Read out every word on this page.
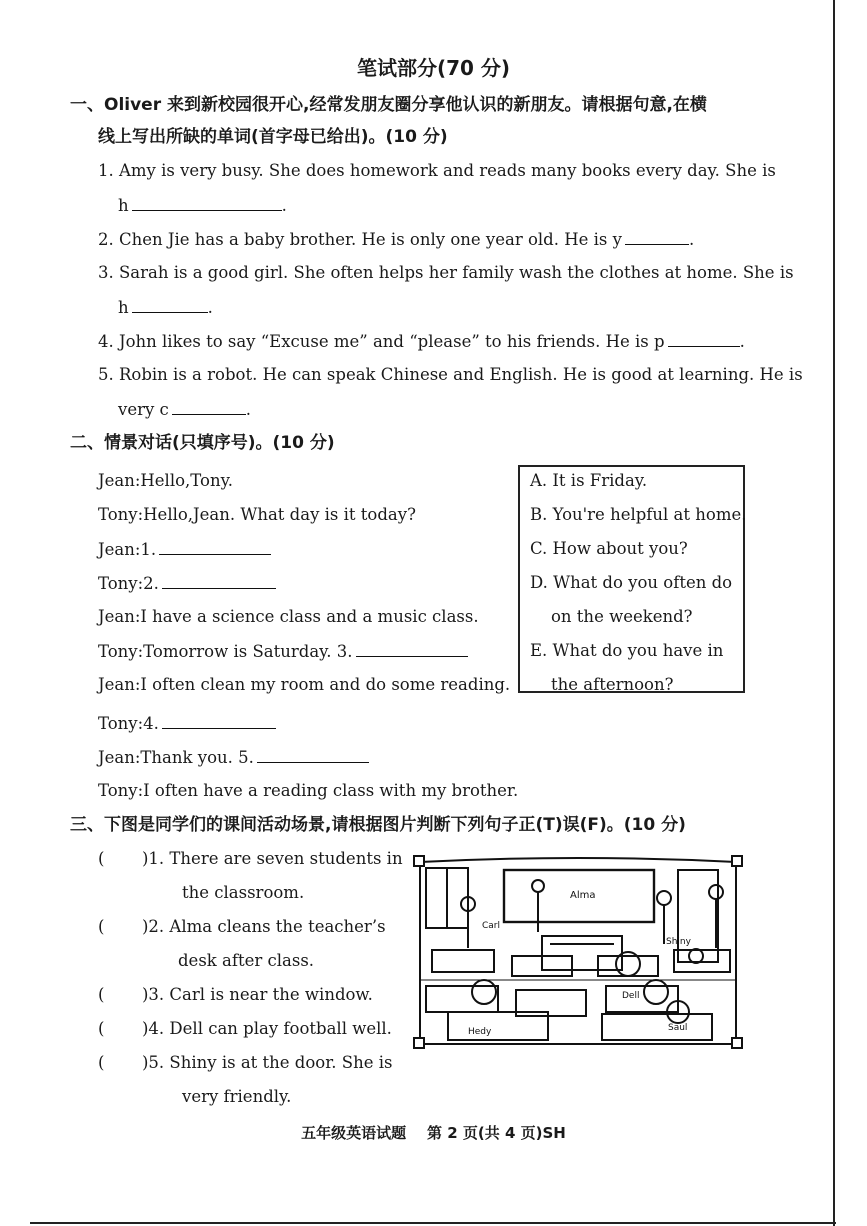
笔试部分(70 分)
一、Oliver 来到新校园很开心,经常发朋友圈分享他认识的新朋友。请根据句意,在横
线上写出所缺的单词(首字母已给出)。(10 分)
1. Amy is very busy. She does homework and reads many books every day. She is
h	.
2. Chen Jie has a baby brother. He is only one year old. He is y	.
3. Sarah is a good girl. She often helps her family wash the clothes at home. She is
h	.
4. John likes to say “Excuse me” and “please” to his friends. He is p	.
5. Robin is a robot. He can speak Chinese and English. He is good at learning. He is
very c	.
二、情景对话(只填序号)。(10 分)
Jean:Hello,Tony.
Tony:Hello,Jean. What day is it today?
Jean:1.
Tony:2.
Jean:I have a science class and a music class.
Tony:Tomorrow is Saturday. 3.
Jean:I often clean my room and do some reading.
Tony:4.
Jean:Thank you. 5.
Tony:I often have a reading class with my brother.
A. It is Friday.
B. You're helpful at home.
C. How about you?
D. What do you often do
on the weekend?
E. What do you have in
the afternoon?
三、下图是同学们的课间活动场景,请根据图片判断下列句子正(T)误(F)。(10 分)
( )1. There are seven students in
the classroom.
( )2. Alma cleans the teacher’s
desk after class.
( )3. Carl is near the window.
( )4. Dell can play football well.
( )5. Shiny is at the door. She is
very friendly.
Alma
Carl
Shiny
Dell
Hedy	Saul
五年级英语试题    第 2 页(共 4 页)SH
